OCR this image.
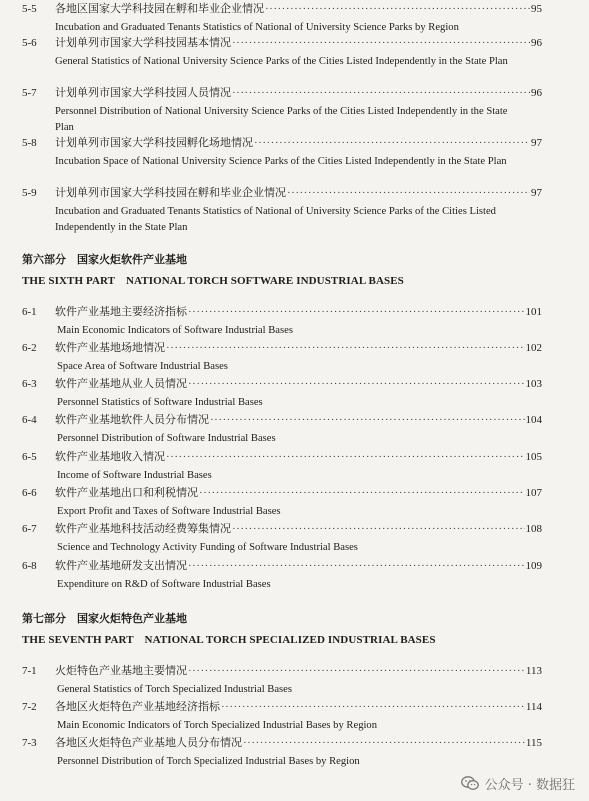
5-5	各地区国家大学科技园在孵和毕业企业情况 ·····	95
Incubation and Graduated Tenants Statistics of National of University Science Parks by Region
5-6	计划单列市国家大学科技园基本情况 ·····	96
General Statistics of National University Science Parks of the Cities Listed Independently in the State Plan
5-7	计划单列市国家大学科技园人员情况 ·····	96
Personnel Distribution of National University Science Parks of the Cities Listed Independently in the State Plan
5-8	计划单列市国家大学科技园孵化场地情况 ·····	97
Incubation Space of National University Science Parks of the Cities Listed Independently in the State Plan
5-9	计划单列市国家大学科技园在孵和毕业企业情况 ·····	97
Incubation and Graduated Tenants Statistics of National of University Science Parks of the Cities Listed Independently in the State Plan
第六部分　国家火炬软件产业基地
THE SIXTH PART　NATIONAL TORCH SOFTWARE INDUSTRIAL BASES
6-1	软件产业基地主要经济指标 ·····	101
Main Economic Indicators of Software Industrial Bases
6-2	软件产业基地场地情况 ·····	102
Space Area of Software Industrial Bases
6-3	软件产业基地从业人员情况 ·····	103
Personnel Statistics of Software Industrial Bases
6-4	软件产业基地软件人员分布情况 ·····	104
Personnel Distribution of Software Industrial Bases
6-5	软件产业基地收入情况 ·····	105
Income of Software Industrial Bases
6-6	软件产业基地出口和利税情况 ·····	107
Export Profit and Taxes of Software Industrial Bases
6-7	软件产业基地科技活动经费筹集情况 ·····	108
Science and Technology Activity Funding of Software Industrial Bases
6-8	软件产业基地研发支出情况 ·····	109
Expenditure on R&D of Software Industrial Bases
第七部分　国家火炬特色产业基地
THE SEVENTH PART　NATIONAL TORCH SPECIALIZED INDUSTRIAL BASES
7-1	火炬特色产业基地主要情况 ·····	113
General Statistics of Torch Specialized Industrial Bases
7-2	各地区火炬特色产业基地经济指标 ·····	114
Main Economic Indicators of Torch Specialized Industrial Bases by Region
7-3	各地区火炬特色产业基地人员分布情况 ·····	115
Personnel Distribution of Torch Specialized Industrial Bases by Region
公众号 · 数据狂
